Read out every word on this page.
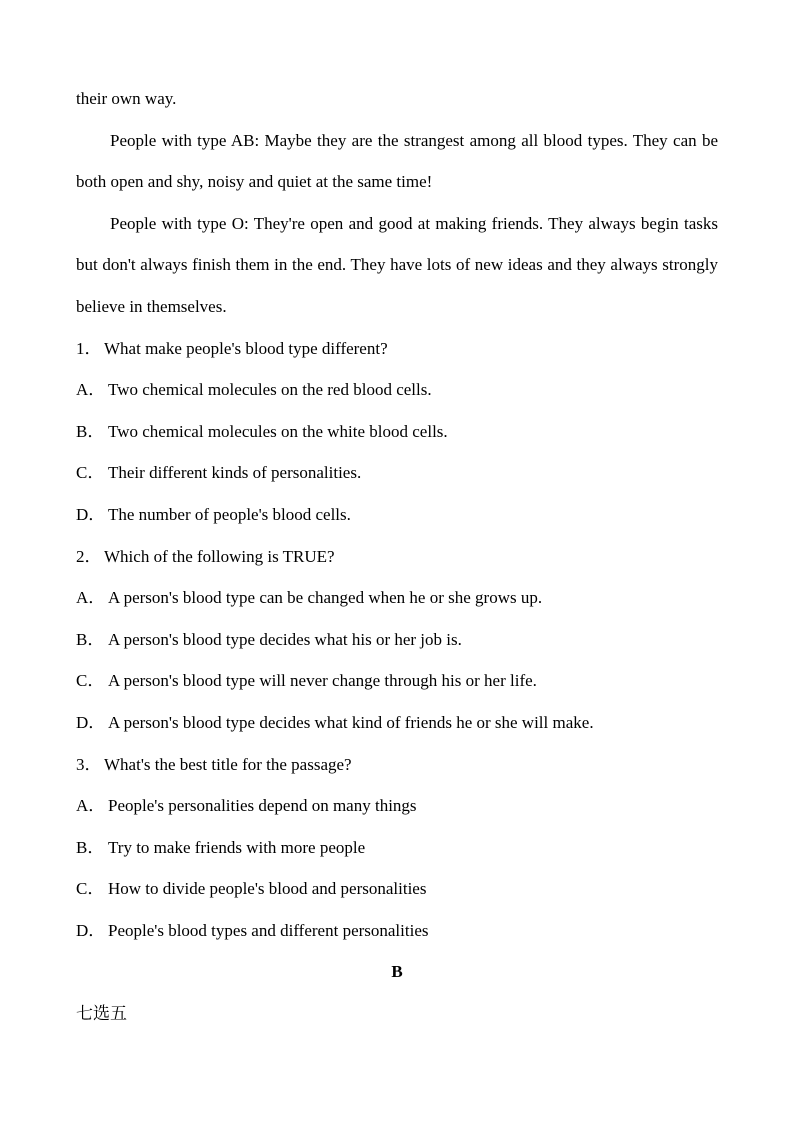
their own way.
People with type AB: Maybe they are the strangest among all blood types. They can be both open and shy, noisy and quiet at the same time!
People with type O: They're open and good at making friends. They always begin tasks but don't always finish them in the end. They have lots of new ideas and they always strongly believe in themselves.
1． What make people's blood type different?
A． Two chemical molecules on the red blood cells.
B． Two chemical molecules on the white blood cells.
C． Their different kinds of personalities.
D． The number of people's blood cells.
2． Which of the following is TRUE?
A． A person's blood type can be changed when he or she grows up.
B． A person's blood type decides what his or her job is.
C． A person's blood type will never change through his or her life.
D． A person's blood type decides what kind of friends he or she will make.
3． What's the best title for the passage?
A． People's personalities depend on many things
B． Try to make friends with more people
C． How to divide people's blood and personalities
D． People's blood types and different personalities
B
七选五
